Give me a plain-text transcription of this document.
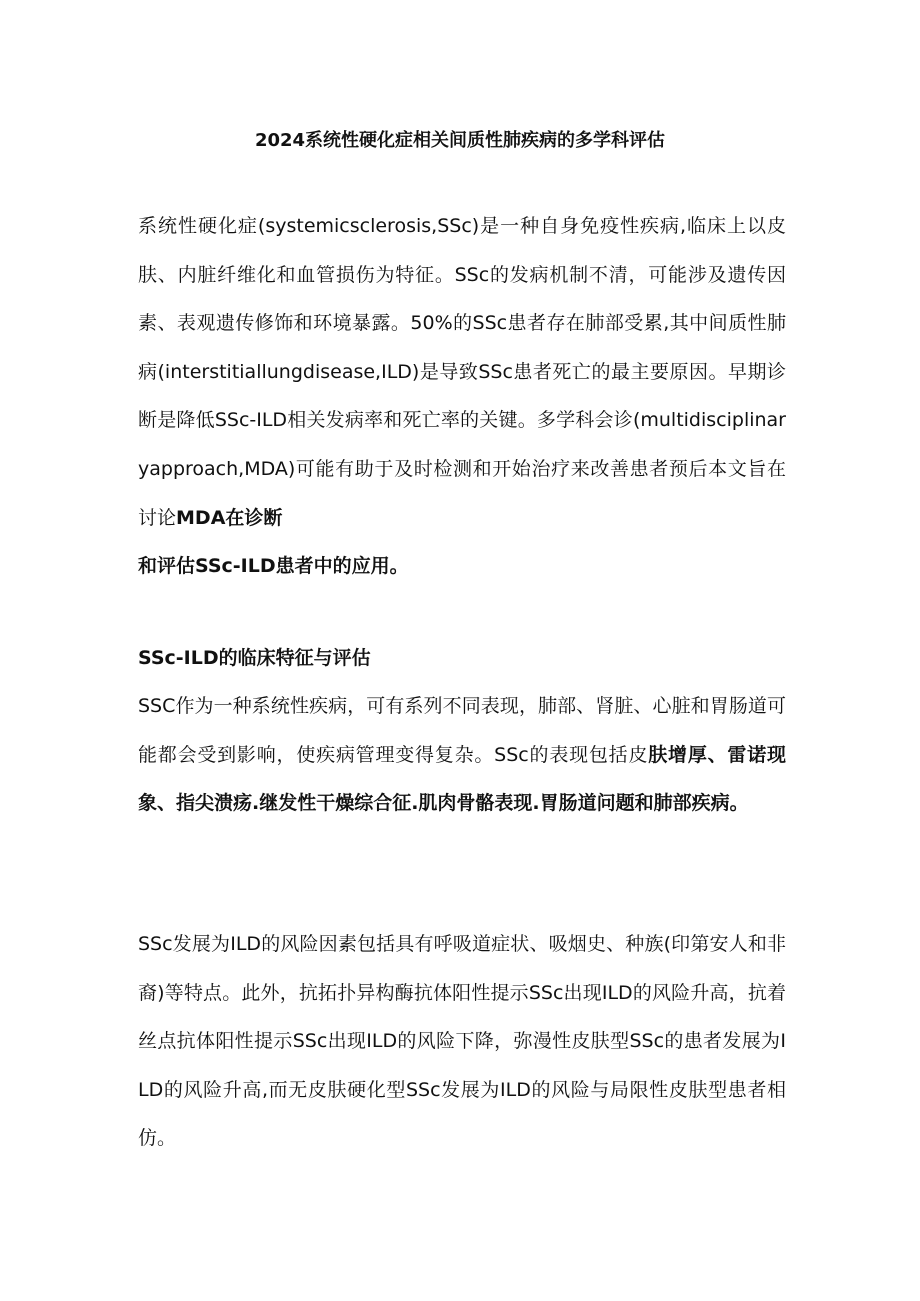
2024系统性硬化症相关间质性肺疾病的多学科评估

系统性硬化症(systemicsclerosis,SSc)是一种自身免疫性疾病,临床上以皮肤、内脏纤维化和血管损伤为特征。SSc的发病机制不清，可能涉及遗传因素、表观遗传修饰和环境暴露。50%的SSc患者存在肺部受累,其中间质性肺病(interstitiallungdisease,ILD)是导致SSc患者死亡的最主要原因。早期诊断是降低SSc-ILD相关发病率和死亡率的关键。多学科会诊(multidisciplinaryapproach,MDA)可能有助于及时检测和开始治疗来改善患者预后本文旨在讨论MDA在诊断

和评估SSc-ILD患者中的应用。

SSc-ILD的临床特征与评估

SSC作为一种系统性疾病，可有系列不同表现，肺部、肾脏、心脏和胃肠道可能都会受到影响，使疾病管理变得复杂。SSc的表现包括皮肤增厚、雷诺现象、指尖溃疡.继发性干燥综合征.肌肉骨骼表现.胃肠道问题和肺部疾病。

SSc发展为ILD的风险因素包括具有呼吸道症状、吸烟史、种族(印第安人和非裔)等特点。此外，抗拓扑异构酶抗体阳性提示SSc出现ILD的风险升高，抗着丝点抗体阳性提示SSc出现ILD的风险下降，弥漫性皮肤型SSc的患者发展为ILD的风险升高,而无皮肤硬化型SSc发展为ILD的风险与局限性皮肤型患者相仿。
